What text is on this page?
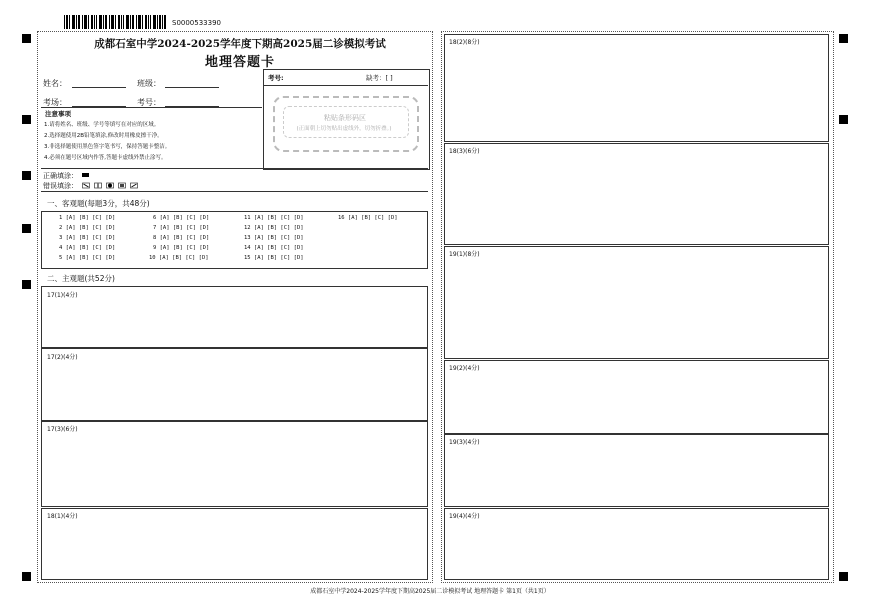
S0000533390
成都石室中学2024-2025学年度下期高2025届二诊模拟考试
地理答题卡
姓名：	班级：
考场：	考号：
考号:	缺考：[ ]
粘贴条形码区
(正面朝上切勿贴出虚线外，切勿折叠。)
注意事项
1.请将姓名、班级、学号等填写在对应的区域。
2.选择题使用2B铅笔填涂,修改时用橡皮擦干净。
3.非选择题使用黑色签字笔书写，保持答题卡整洁。
4.必须在题号区域内作答,答题卡虚线外禁止涂写。
正确填涂：
错误填涂：
一、客观题(每题3分，共48分)
1 [A] [B] [C] [D]	6 [A] [B] [C] [D]	11 [A] [B] [C] [D]	16 [A] [B] [C] [D]
2 [A] [B] [C] [D]	7 [A] [B] [C] [D]	12 [A] [B] [C] [D]
3 [A] [B] [C] [D]	8 [A] [B] [C] [D]	13 [A] [B] [C] [D]
4 [A] [B] [C] [D]	9 [A] [B] [C] [D]	14 [A] [B] [C] [D]
5 [A] [B] [C] [D]	10 [A] [B] [C] [D]	15 [A] [B] [C] [D]
二、主观题(共52分)
17(1)(4分)
17(2)(4分)
17(3)(6分)
18(1)(4分)
18(2)(8分)
18(3)(6分)
19(1)(8分)
19(2)(4分)
19(3)(4分)
19(4)(4分)
成都石室中学2024-2025学年度下期高2025届二诊模拟考试 地理答题卡 第1页（共1页）
